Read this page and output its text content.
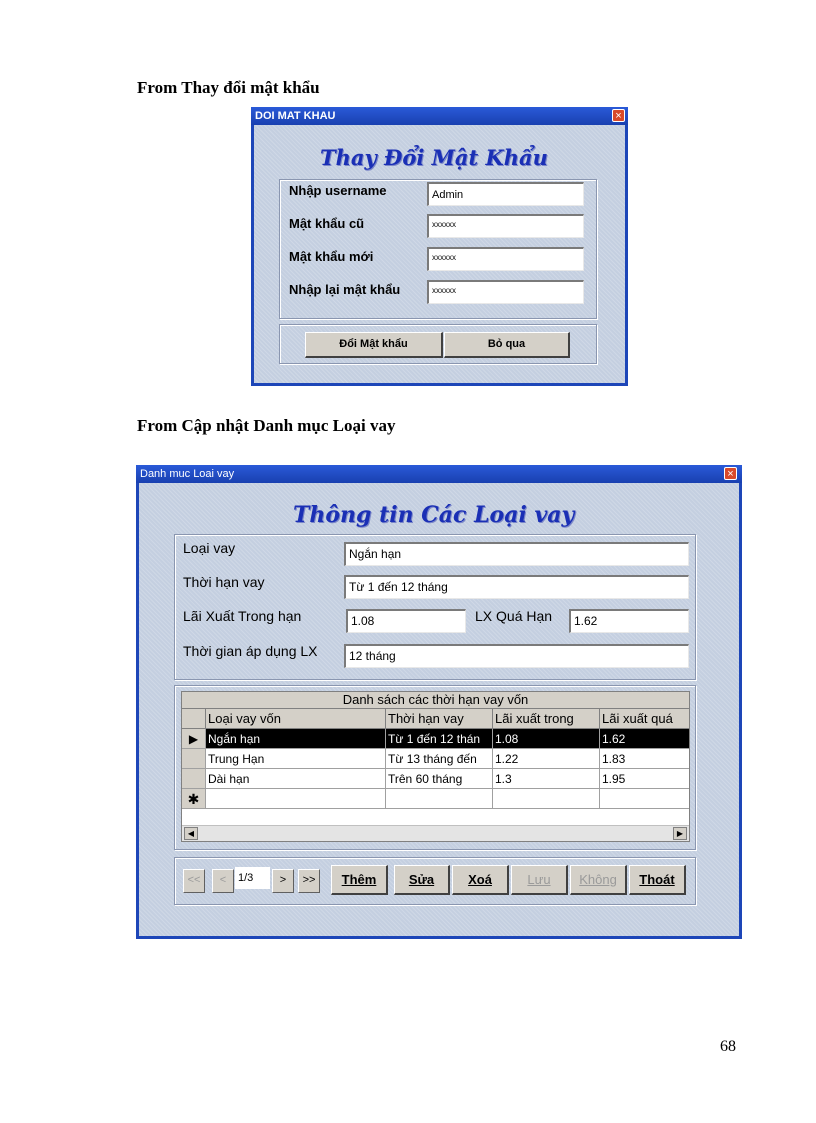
From Thay đổi mật khẩu
DOI MAT KHAU	×
Thay Đổi Mật Khẩu
Nhập username	Admin
Mật khẩu cũ	xxxxxx
Mật khẩu mới	xxxxxx
Nhập lại mật khẩu	xxxxxx
Đổi Mật khẩu	Bỏ qua
From Cập nhật Danh mục Loại vay
Danh muc Loai vay	×
Thông tin Các Loại vay
Loại vay	Ngắn hạn
Thời hạn vay	Từ 1 đến 12 tháng
Lãi Xuất Trong hạn	1.08	LX Quá Hạn	1.62
Thời gian áp dụng LX	12 tháng
Danh sách các thời hạn vay vốn
Loại vay vốn	Thời hạn vay	Lãi xuất trong	Lãi xuất quá
▶ Ngắn hạn	Từ 1 đến 12 thán	1.08	1.62
Trung Hạn	Từ 13 tháng đến	1.22	1.83
Dài hạn	Trên 60 tháng	1.3	1.95
✱
◀	▶
<<	<	1/3	>	>>	Thêm	Sửa	Xoá	Lưu	Không	Thoát
68
